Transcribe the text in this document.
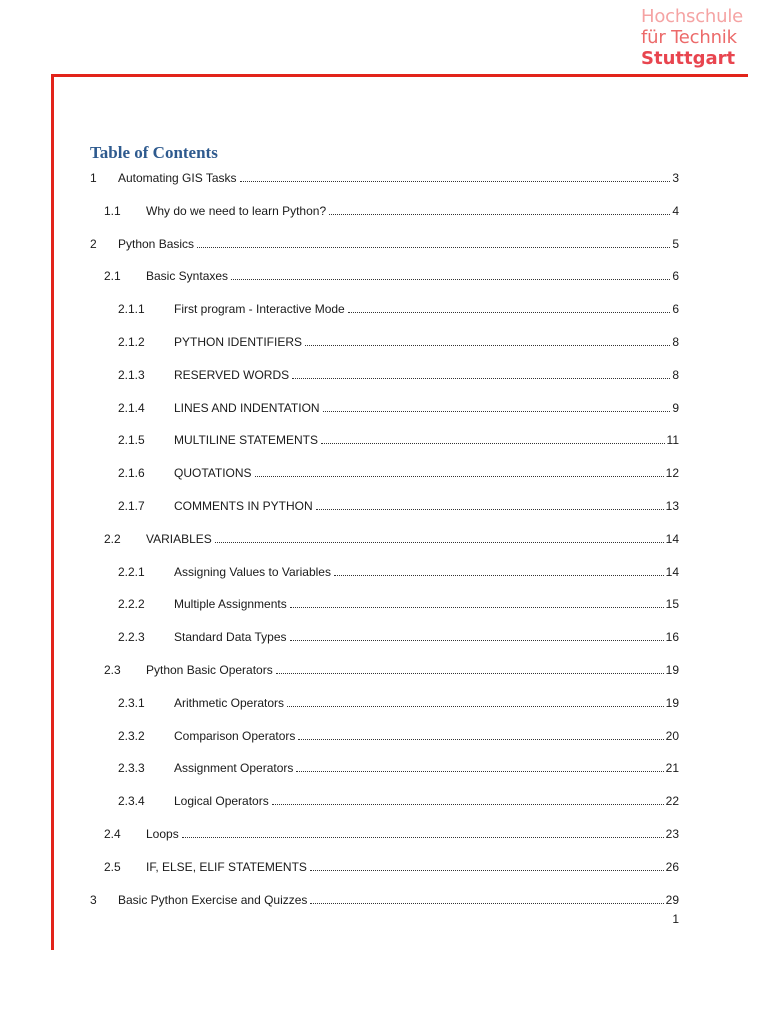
Hochschule
für Technik
Stuttgart
Table of Contents
1	Automating GIS Tasks	3
1.1	Why do we need to learn Python?	4
2	Python Basics	5
2.1	Basic Syntaxes	6
2.1.1	First program - Interactive Mode	6
2.1.2	PYTHON IDENTIFIERS	8
2.1.3	RESERVED WORDS	8
2.1.4	LINES AND INDENTATION	9
2.1.5	MULTILINE STATEMENTS	11
2.1.6	QUOTATIONS	12
2.1.7	COMMENTS IN PYTHON	13
2.2	VARIABLES	14
2.2.1	Assigning Values to Variables	14
2.2.2	Multiple Assignments	15
2.2.3	Standard Data Types	16
2.3	Python Basic Operators	19
2.3.1	Arithmetic Operators	19
2.3.2	Comparison Operators	20
2.3.3	Assignment Operators	21
2.3.4	Logical Operators	22
2.4	Loops	23
2.5	IF, ELSE, ELIF STATEMENTS	26
3	Basic Python Exercise and Quizzes	29
1
